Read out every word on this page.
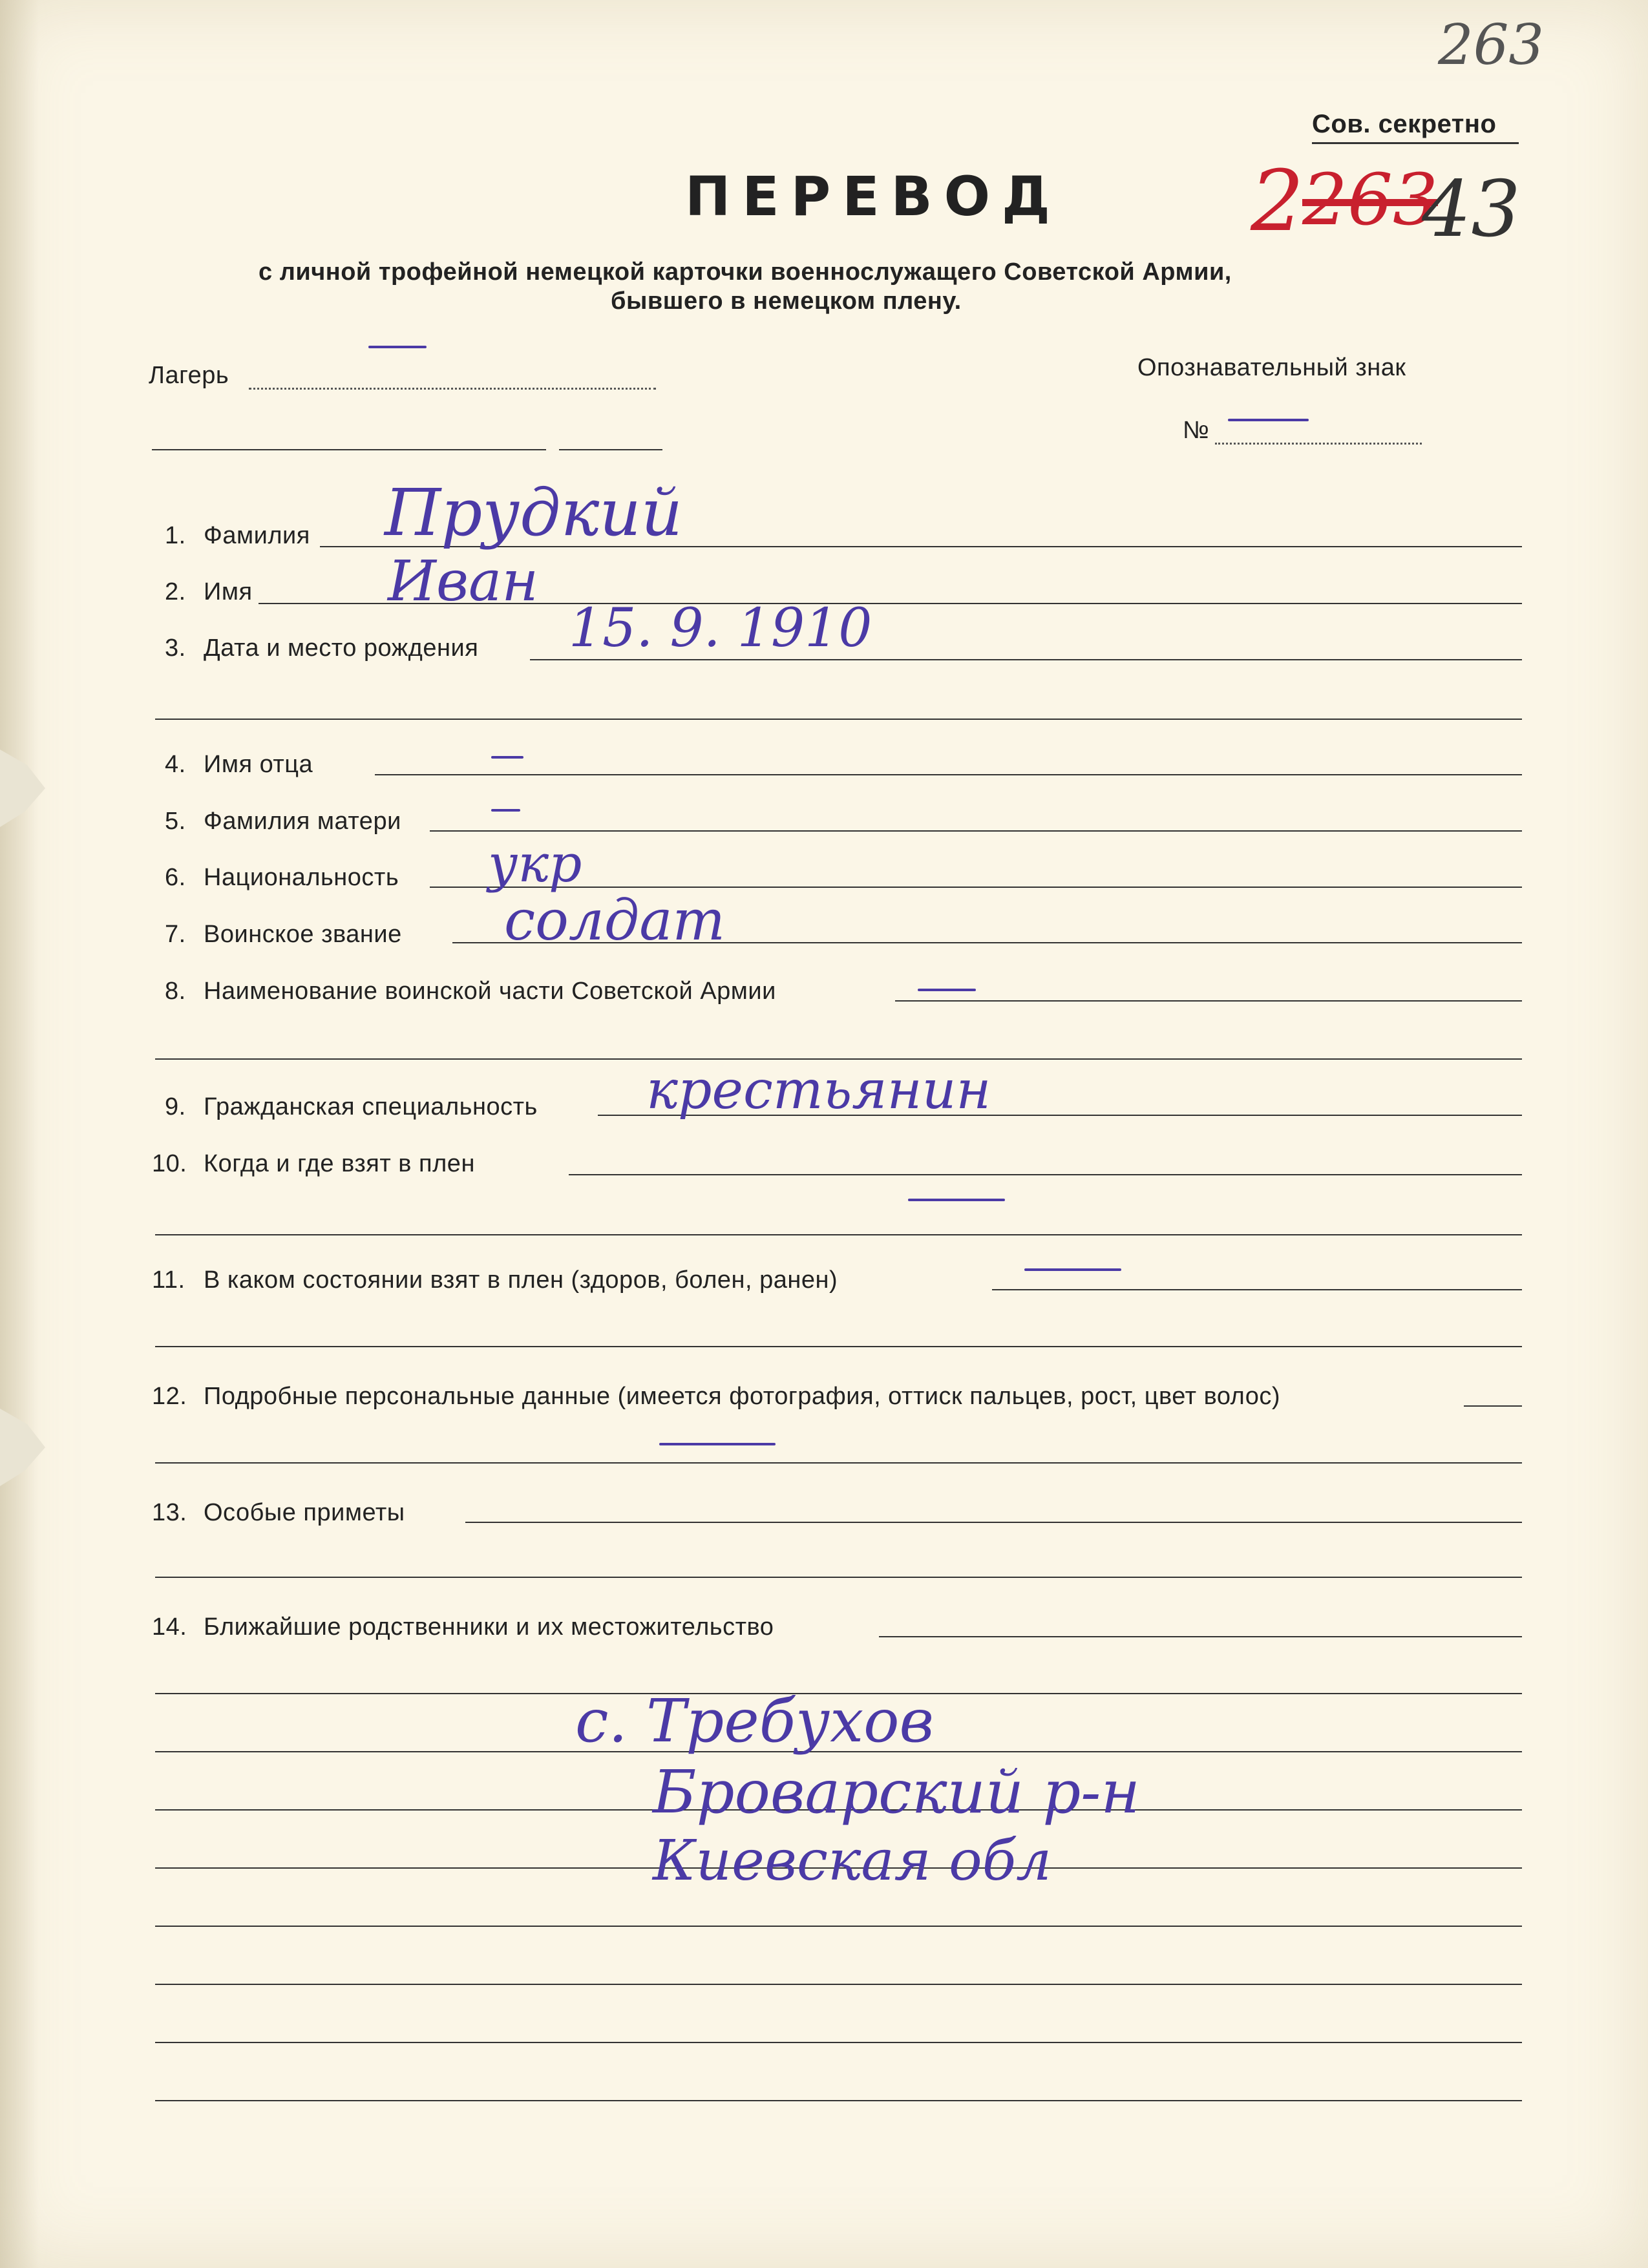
263
Сов. секретно
2
263
43
ПЕРЕВОД
с личной трофейной немецкой карточки военнослужащего Советской Армии,
бывшего в немецком плену.
Лагерь	Опознавательный знак
№
1. Фамилия Прудкий
2. Имя Иван
3. Дата и место рождения 15. 9. 1910
4. Имя отца
5. Фамилия матери
6. Национальность укр
7. Воинское звание солдат
8. Наименование воинской части Советской Армии
9. Гражданская специальность крестьянин
10. Когда и где взят в плен
11. В каком состоянии взят в плен (здоров, болен, ранен)
12. Подробные персональные данные (имеется фотография, оттиск пальцев, рост, цвет волос)
13. Особые приметы
14. Ближайшие родственники и их местожительство
с. Требухов
Броварский р-н
Киевская обл
